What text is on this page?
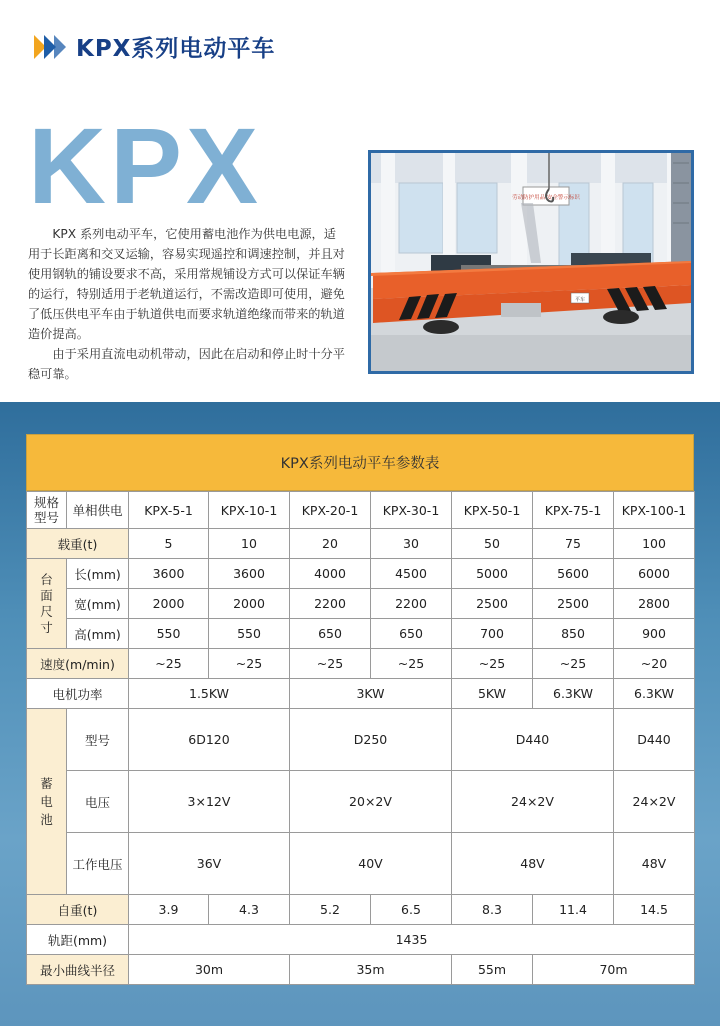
KPX系列电动平车
KPX

KPX 系列电动平车，它使用蓄电池作为供电电源，适用于长距离和交叉运输，容易实现遥控和调速控制，并且对使用钢轨的铺设要求不高，采用常规铺设方式可以保证车辆的运行，特别适用于老轨道运行，不需改造即可使用，避免了低压供电平车由于轨道供电而要求轨道绝缘而带来的轨道造价提高。

由于采用直流电动机带动，因此在启动和停止时十分平稳可靠。

劳动防护用品 安全警示标识
平车
KPX系列电动平车参数表
规格
型号	单相供电	KPX-5-1	KPX-10-1	KPX-20-1	KPX-30-1	KPX-50-1	KPX-75-1	KPX-100-1
载重(t)		5	10	20	30	50	75	100

台面尺寸	长(mm)	3600	3600	4000	4500	5000	5600	6000
	宽(mm)	2000	2000	2200	2200	2500	2500	2800
	高(mm)	550	550	650	650	700	850	900
速度(m/min)		~25	~25	~25	~25	~25	~25	~20
电机功率		1.5KW		3KW		5KW	6.3KW	6.3KW

蓄电池	型号	6D120		D250		D440		D440
	电压	3×12V		20×2V		24×2V		24×2V
	工作电压	36V		40V		48V		48V
自重(t)		3.9	4.3	5.2	6.5	8.3	11.4	14.5
轨距(mm)		1435						
最小曲线半径		30m		35m		55m	70m	
